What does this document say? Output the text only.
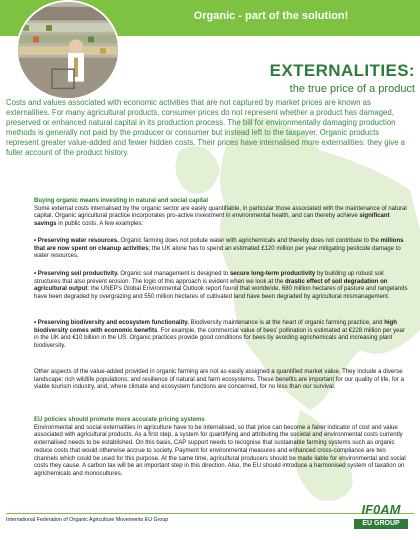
Organic - part of the solution!
EXTERNALITIES:
the true price of a product
Costs and values associated with economic activities that are not captured by market prices are known as externalities. For many agricultural products, consumer prices do not represent whether a product has damaged, preserved or enhanced natural capital in its production process. The bill for environmentally damaging production methods is generally not paid by the producer or consumer but instead left to the taxpayer. Organic products represent greater value-added and fewer hidden costs. Their prices have internalised more externalities: they give a fuller account of the product history.
Buying organic means investing in natural and social capital
Some external costs internalised by the organic sector are easily quantifiable, in particular those associated with the maintenance of natural capital. Organic agricultural practice incorporates pro-active investment in environmental health, and can thereby achieve significant savings in public costs. A few examples:
• Preserving water resources. Organic farming does not pollute water with agrichemicals and thereby does not contribute to the millions that are now spent on cleanup activities; the UK alone has to spend an estimated £120 million per year mitigating pesticide damage to water resources.
• Preserving soil productivity. Organic soil management is designed to secure long-term productivity by building up robust soil structures that also prevent erosion. The logic of this approach is evident when we look at the drastic effect of soil degradation on agricultural output: the UNEP's Global Environmental Outlook report found that worldwide, 680 million hectares of pasture and rangelands have been degraded by overgrazing and 550 million hectares of cultivated land have been degraded by agricultural mismanagement.
• Preserving biodiversity and ecosystem functionality. Biodiversity maintenance is at the heart of organic farming practice, and high biodiversity comes with economic benefits. For example, the commercial value of bees' pollination is estimated at €228 million per year in the UK and €10 billion in the US. Organic practices provide good conditions for bees by avoiding agrichemicals and increasing plant biodiversity.
Other aspects of the value-added provided in organic farming are not as easily assigned a quantified market value. They include a diverse landscape; rich wildlife populations; and resilience of natural and farm ecosystems. These benefits are important for our quality of life, for a viable tourism industry, and, where climate and ecosystem functions are concerned, for no less than our survival.
EU policies should promote more accurate pricing systems
Environmental and social externalities in agriculture have to be internalised, so that price can become a fairer indicator of cost and value associated with agricultural products. As a first step, a system for quantifying and attributing the societal and environmental costs currently externalised needs to be established. On this basis, CAP support needs to recognise that sustainable farming systems such as organic reduce costs that would otherwise accrue to society. Payment for environmental measures and enhanced cross-compliance are two channels which could be used for this purpose. At the same time, agricultural producers should be made liable for environmental and social costs they cause. A carbon tax will be an important step in this direction. Also, the EU should introduce a harmonised system of taxation on agrichemicals and monocultures.
International Federation of Organic Agriculture Movements EU Group
IF0AM
EU GROUP
